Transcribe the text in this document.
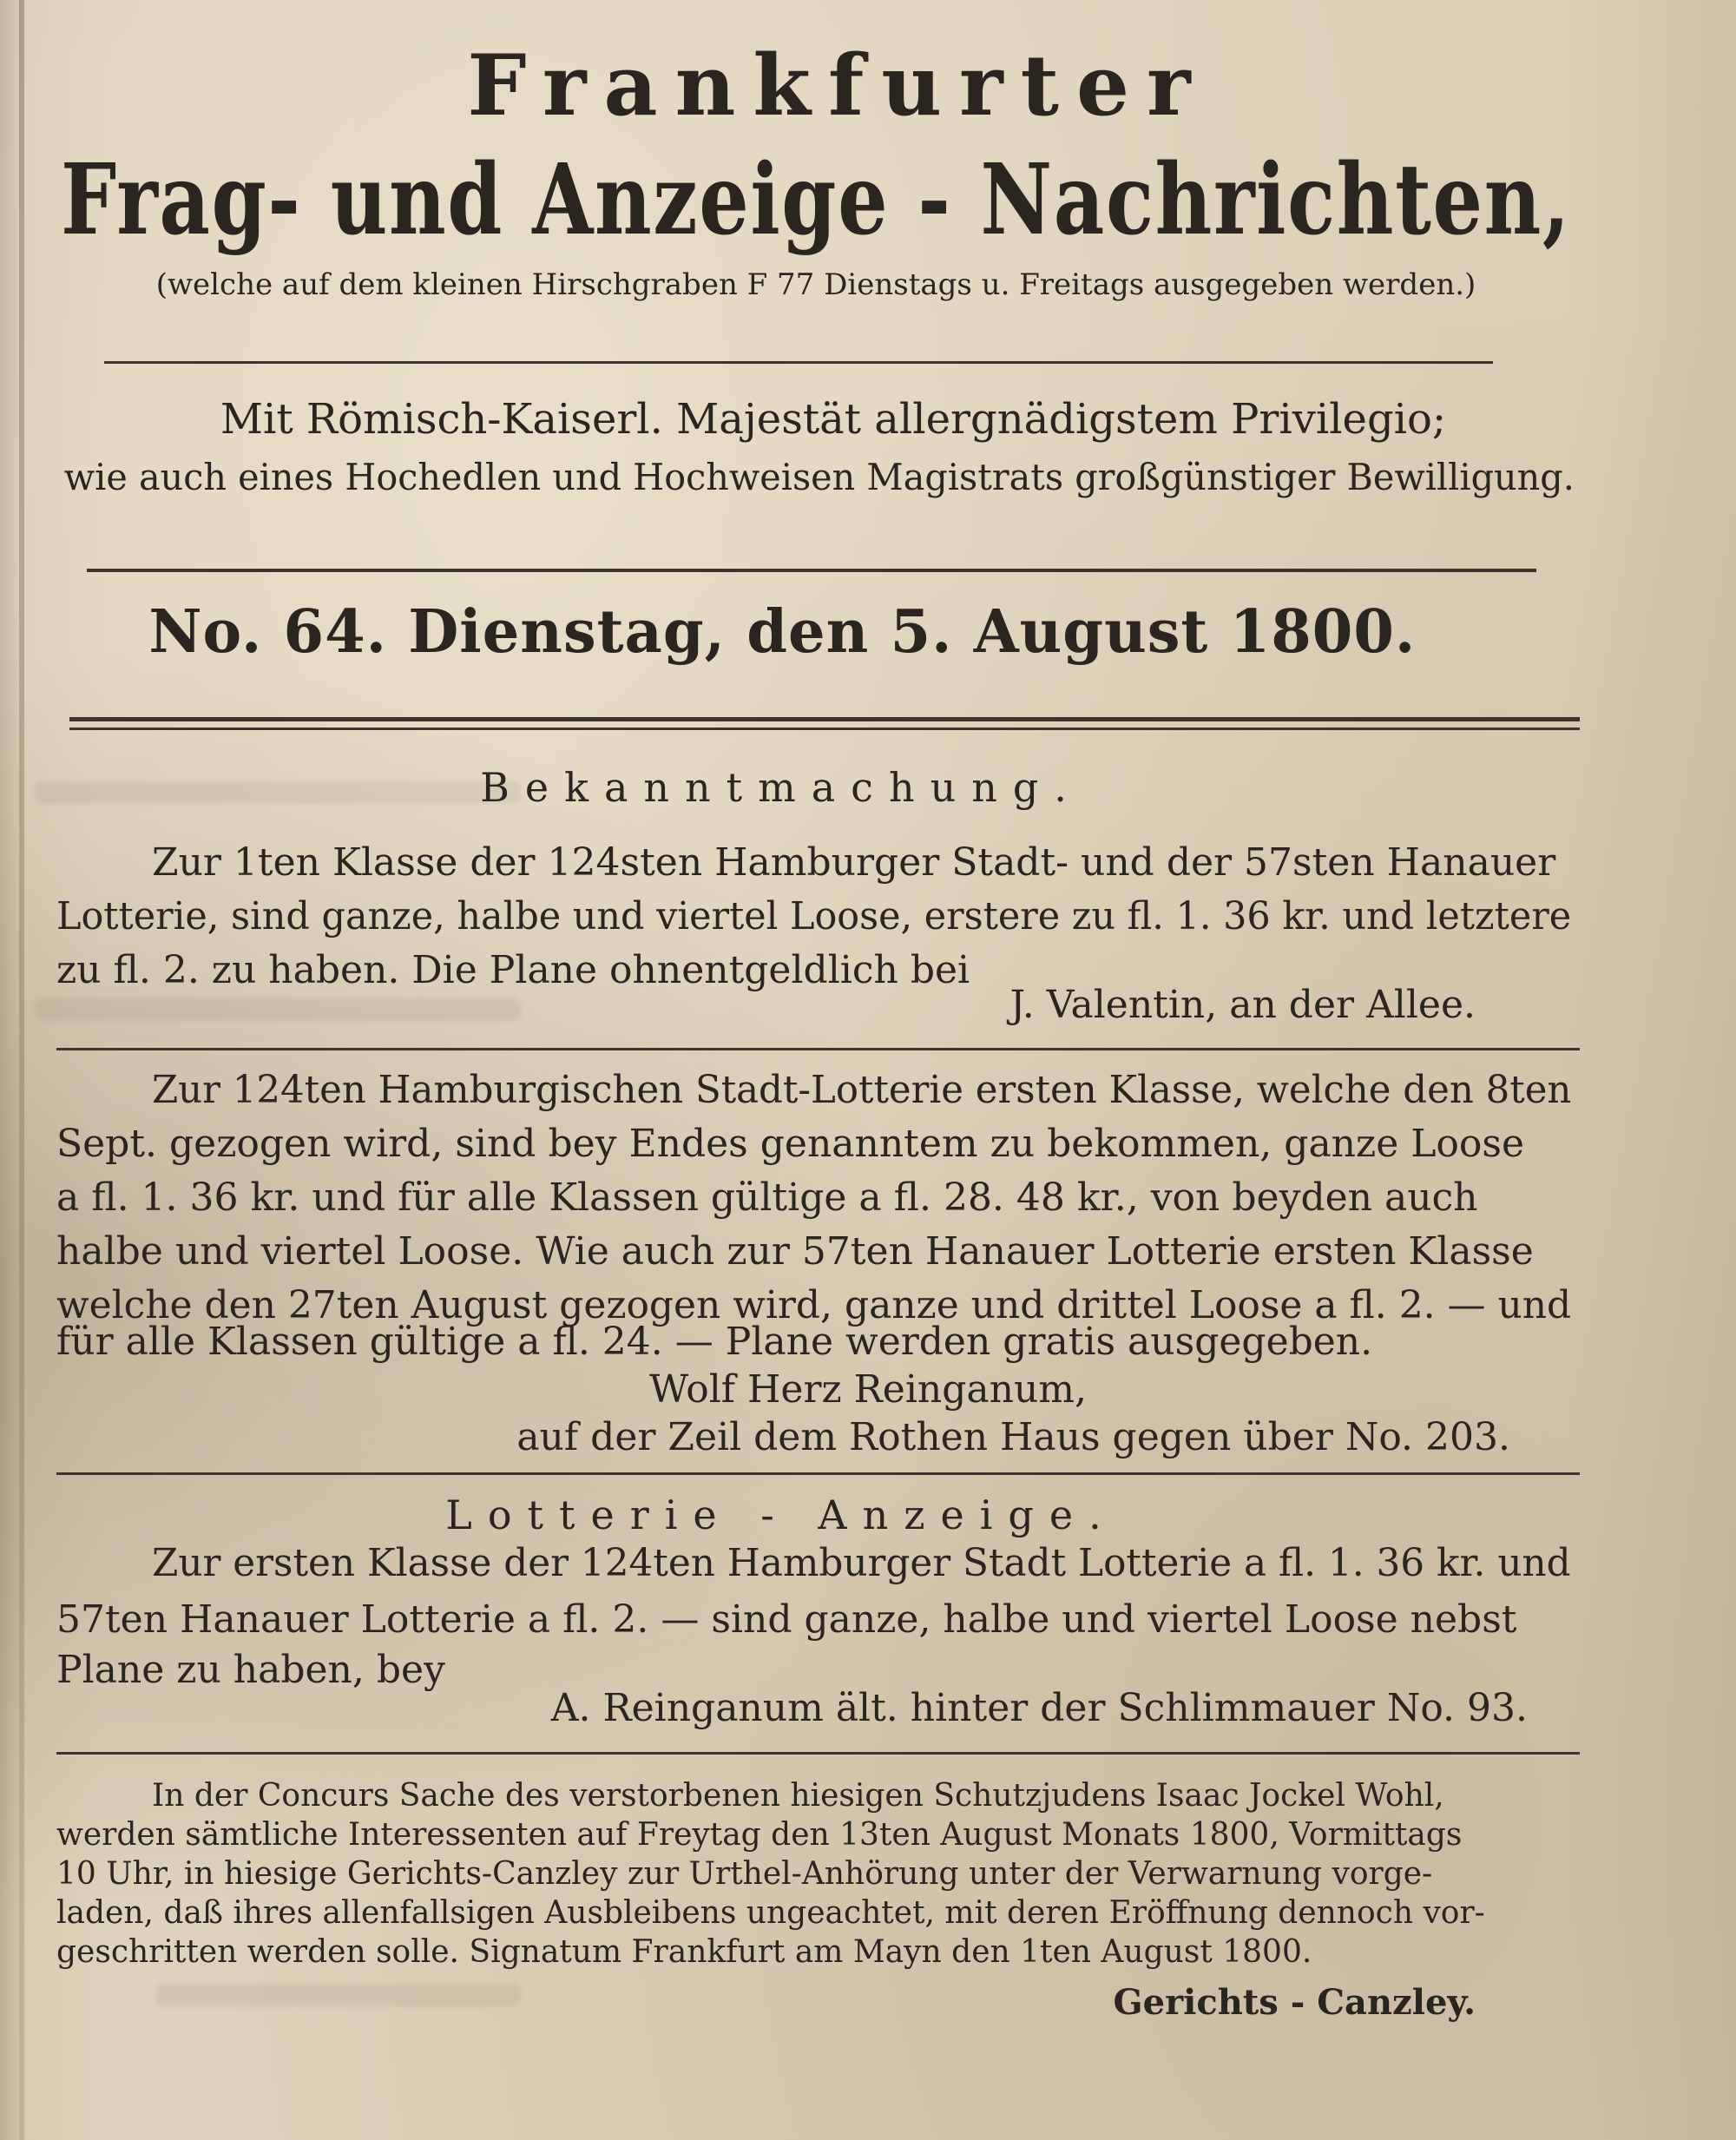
Frankfurter
Frag- und Anzeige - Nachrichten,
(welche auf dem kleinen Hirschgraben F 77 Dienstags u. Freitags ausgegeben werden.)
Mit Römisch-Kaiserl. Majestät allergnädigstem Privilegio;
wie auch eines Hochedlen und Hochweisen Magistrats großgünstiger Bewilligung.
No. 64. Dienstag, den 5. August 1800.
Bekanntmachung.
Zur 1ten Klasse der 124sten Hamburger Stadt- und der 57sten Hanauer
Lotterie, sind ganze, halbe und viertel Loose, erstere zu fl. 1. 36 kr. und letztere
zu fl. 2. zu haben. Die Plane ohnentgeldlich bei
J. Valentin, an der Allee.
Zur 124ten Hamburgischen Stadt-Lotterie ersten Klasse, welche den 8ten
Sept. gezogen wird, sind bey Endes genanntem zu bekommen, ganze Loose
a fl. 1. 36 kr. und für alle Klassen gültige a fl. 28. 48 kr., von beyden auch
halbe und viertel Loose. Wie auch zur 57ten Hanauer Lotterie ersten Klasse
welche den 27ten August gezogen wird, ganze und drittel Loose a fl. 2. — und
für alle Klassen gültige a fl. 24. — Plane werden gratis ausgegeben.
Wolf Herz Reinganum,
auf der Zeil dem Rothen Haus gegen über No. 203.
Lotterie - Anzeige.
Zur ersten Klasse der 124ten Hamburger Stadt Lotterie a fl. 1. 36 kr. und
57ten Hanauer Lotterie a fl. 2. — sind ganze, halbe und viertel Loose nebst
Plane zu haben, bey
A. Reinganum ält. hinter der Schlimmauer No. 93.
In der Concurs Sache des verstorbenen hiesigen Schutzjudens Isaac Jockel Wohl,
werden sämtliche Interessenten auf Freytag den 13ten August Monats 1800, Vormittags
10 Uhr, in hiesige Gerichts-Canzley zur Urthel-Anhörung unter der Verwarnung vorge-
laden, daß ihres allenfallsigen Ausbleibens ungeachtet, mit deren Eröffnung dennoch vor-
geschritten werden solle. Signatum Frankfurt am Mayn den 1ten August 1800.
Gerichts - Canzley.
